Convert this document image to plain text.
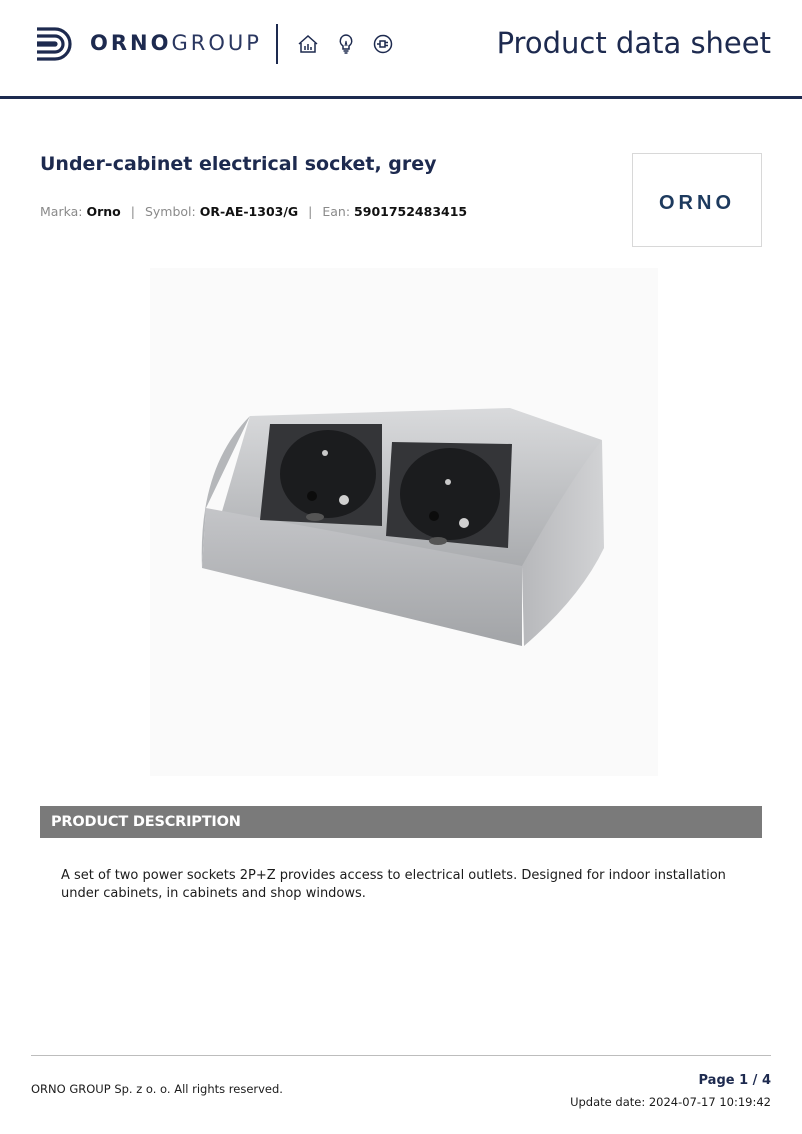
ORNOGROUP	Product data sheet
Under-cabinet electrical socket, grey
Marka: Orno | Symbol: OR-AE-1303/G | Ean: 5901752483415	ORNO
PRODUCT DESCRIPTION
A set of two power sockets 2P+Z provides access to electrical outlets. Designed for indoor installation under cabinets, in cabinets and shop windows.
ORNO GROUP Sp. z o. o. All rights reserved.
Page 1 / 4
Update date: 2024-07-17 10:19:42
